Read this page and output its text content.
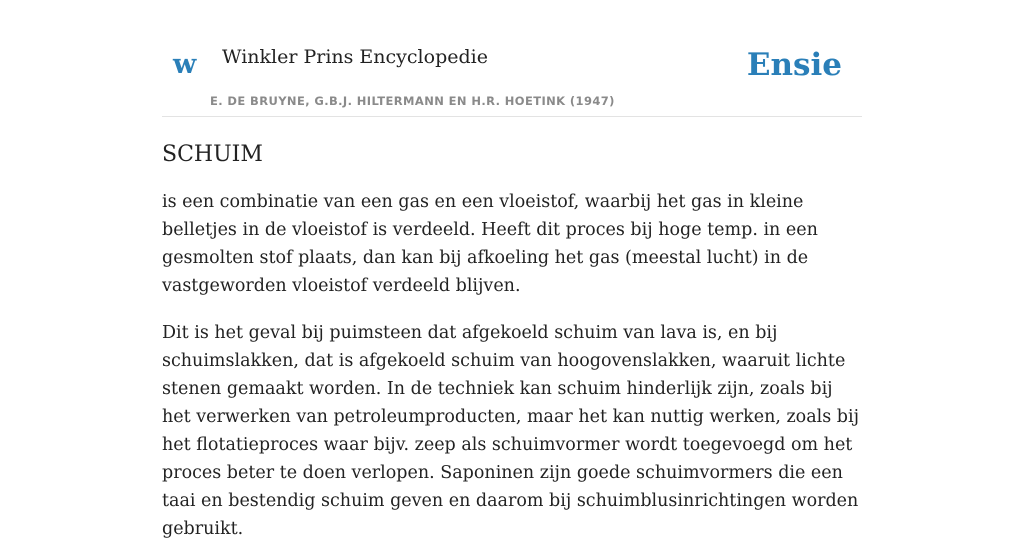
w Winkler Prins Encyclopedie
E. DE BRUYNE, G.B.J. HILTERMANN EN H.R. HOETINK (1947)
Ensie
SCHUIM

is een combinatie van een gas en een vloeistof, waarbij het gas in kleine belletjes in de vloeistof is verdeeld. Heeft dit proces bij hoge temp. in een gesmolten stof plaats, dan kan bij afkoeling het gas (meestal lucht) in de vastgeworden vloeistof verdeeld blijven.

Dit is het geval bij puimsteen dat afgekoeld schuim van lava is, en bij schuimslakken, dat is afgekoeld schuim van hoogovenslakken, waaruit lichte stenen gemaakt worden. In de techniek kan schuim hinderlijk zijn, zoals bij het verwerken van petroleumproducten, maar het kan nuttig werken, zoals bij het flotatieproces waar bijv. zeep als schuimvormer wordt toegevoegd om het proces beter te doen verlopen. Saponinen zijn goede schuimvormers die een taai en bestendig schuim geven en daarom bij schuimblusinrichtingen worden gebruikt.
